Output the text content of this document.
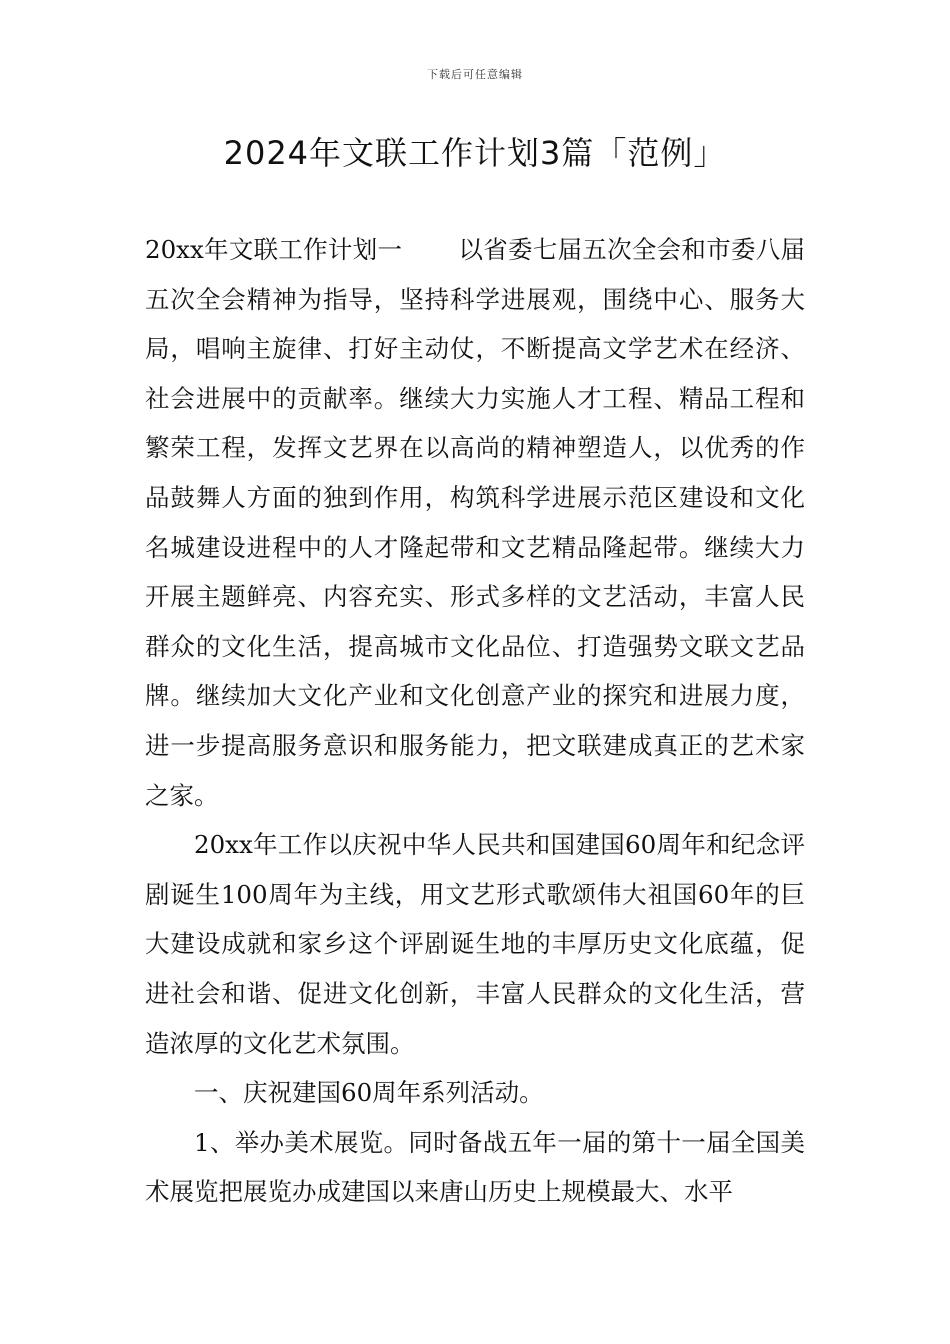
下载后可任意编辑
2024年文联工作计划3篇「范例」

20xx年文联工作计划一 以省委七届五次全会和市委八届五次全会精神为指导，坚持科学进展观，围绕中心、服务大局，唱响主旋律、打好主动仗，不断提高文学艺术在经济、社会进展中的贡献率。继续大力实施人才工程、精品工程和繁荣工程，发挥文艺界在以高尚的精神塑造人，以优秀的作品鼓舞人方面的独到作用，构筑科学进展示范区建设和文化名城建设进程中的人才隆起带和文艺精品隆起带。继续大力开展主题鲜亮、内容充实、形式多样的文艺活动，丰富人民群众的文化生活，提高城市文化品位、打造强势文联文艺品牌。继续加大文化产业和文化创意产业的探究和进展力度，进一步提高服务意识和服务能力，把文联建成真正的艺术家之家。

20xx年工作以庆祝中华人民共和国建国60周年和纪念评剧诞生100周年为主线，用文艺形式歌颂伟大祖国60年的巨大建设成就和家乡这个评剧诞生地的丰厚历史文化底蕴，促进社会和谐、促进文化创新，丰富人民群众的文化生活，营造浓厚的文化艺术氛围。

一、庆祝建国60周年系列活动。

1、举办美术展览。同时备战五年一届的第十一届全国美术展览把展览办成建国以来唐山历史上规模最大、水平
